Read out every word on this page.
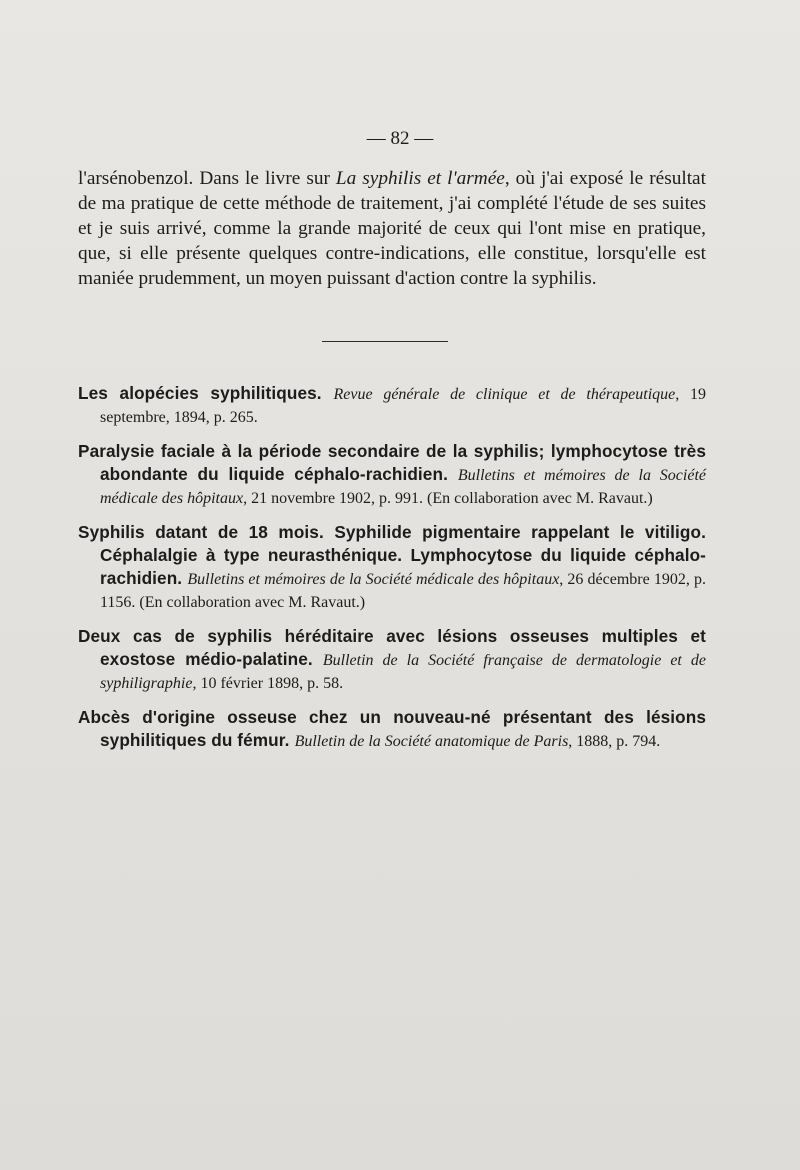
— 82 —

l'arsénobenzol. Dans le livre sur La syphilis et l'armée, où j'ai exposé le résultat de ma pratique de cette méthode de traitement, j'ai complété l'étude de ses suites et je suis arrivé, comme la grande majorité de ceux qui l'ont mise en pratique, que, si elle présente quelques contre-indications, elle constitue, lorsqu'elle est maniée prudemment, un moyen puissant d'action contre la syphilis.

Les alopécies syphilitiques. Revue générale de clinique et de thérapeutique, 19 septembre, 1894, p. 265.

Paralysie faciale à la période secondaire de la syphilis; lymphocytose très abondante du liquide céphalo-rachidien. Bulletins et mémoires de la Société médicale des hôpitaux, 21 novembre 1902, p. 991. (En collaboration avec M. Ravaut.)

Syphilis datant de 18 mois. Syphilide pigmentaire rappelant le vitiligo. Céphalalgie à type neurasthénique. Lymphocytose du liquide céphalo-rachidien. Bulletins et mémoires de la Société médicale des hôpitaux, 26 décembre 1902, p. 1156. (En collaboration avec M. Ravaut.)

Deux cas de syphilis héréditaire avec lésions osseuses multiples et exostose médio-palatine. Bulletin de la Société française de dermatologie et de syphiligraphie, 10 février 1898, p. 58.

Abcès d'origine osseuse chez un nouveau-né présentant des lésions syphilitiques du fémur. Bulletin de la Société anatomique de Paris, 1888, p. 794.
